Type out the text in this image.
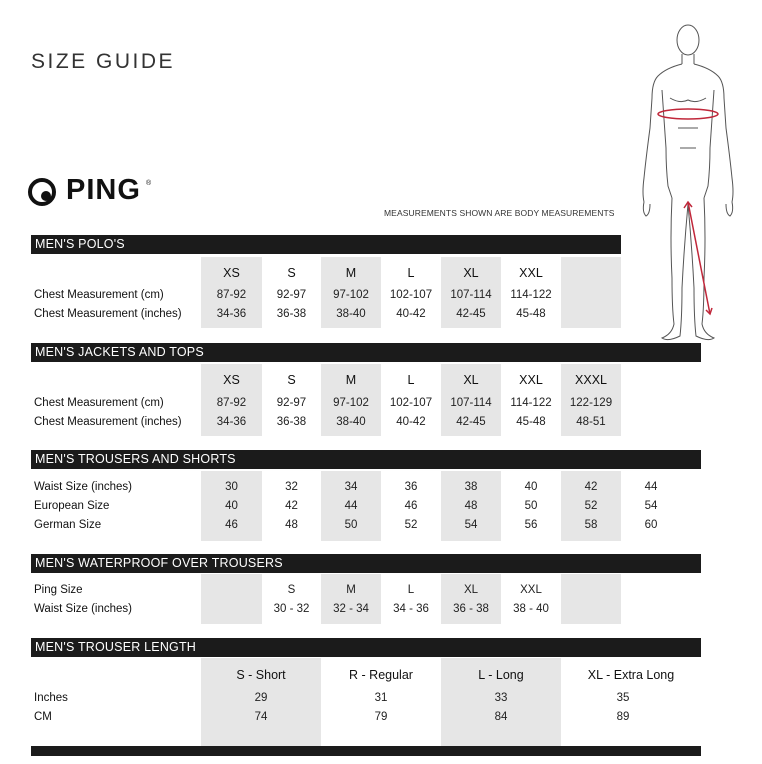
SIZE GUIDE
PING ®
MEASUREMENTS SHOWN ARE BODY MEASUREMENTS
MEN'S POLO'S
XS	S	M	L	XL	XXL
Chest Measurement (cm)	87-92	92-97	97-102	102-107	107-114	114-122
Chest Measurement (inches)	34-36	36-38	38-40	40-42	42-45	45-48
MEN'S JACKETS AND TOPS
XS	S	M	L	XL	XXL	XXXL
Chest Measurement (cm)	87-92	92-97	97-102	102-107	107-114	114-122	122-129
Chest Measurement (inches)	34-36	36-38	38-40	40-42	42-45	45-48	48-51
MEN'S TROUSERS AND SHORTS
Waist Size (inches)	30	32	34	36	38	40	42	44
European Size	40	42	44	46	48	50	52	54
German Size	46	48	50	52	54	56	58	60
MEN'S WATERPROOF OVER TROUSERS
Ping Size	S	M	L	XL	XXL
Waist Size (inches)	30 - 32	32 - 34	34 - 36	36 - 38	38 - 40
MEN'S TROUSER LENGTH
S - Short	R - Regular	L - Long	XL - Extra Long
Inches	29	31	33	35
CM	74	79	84	89
